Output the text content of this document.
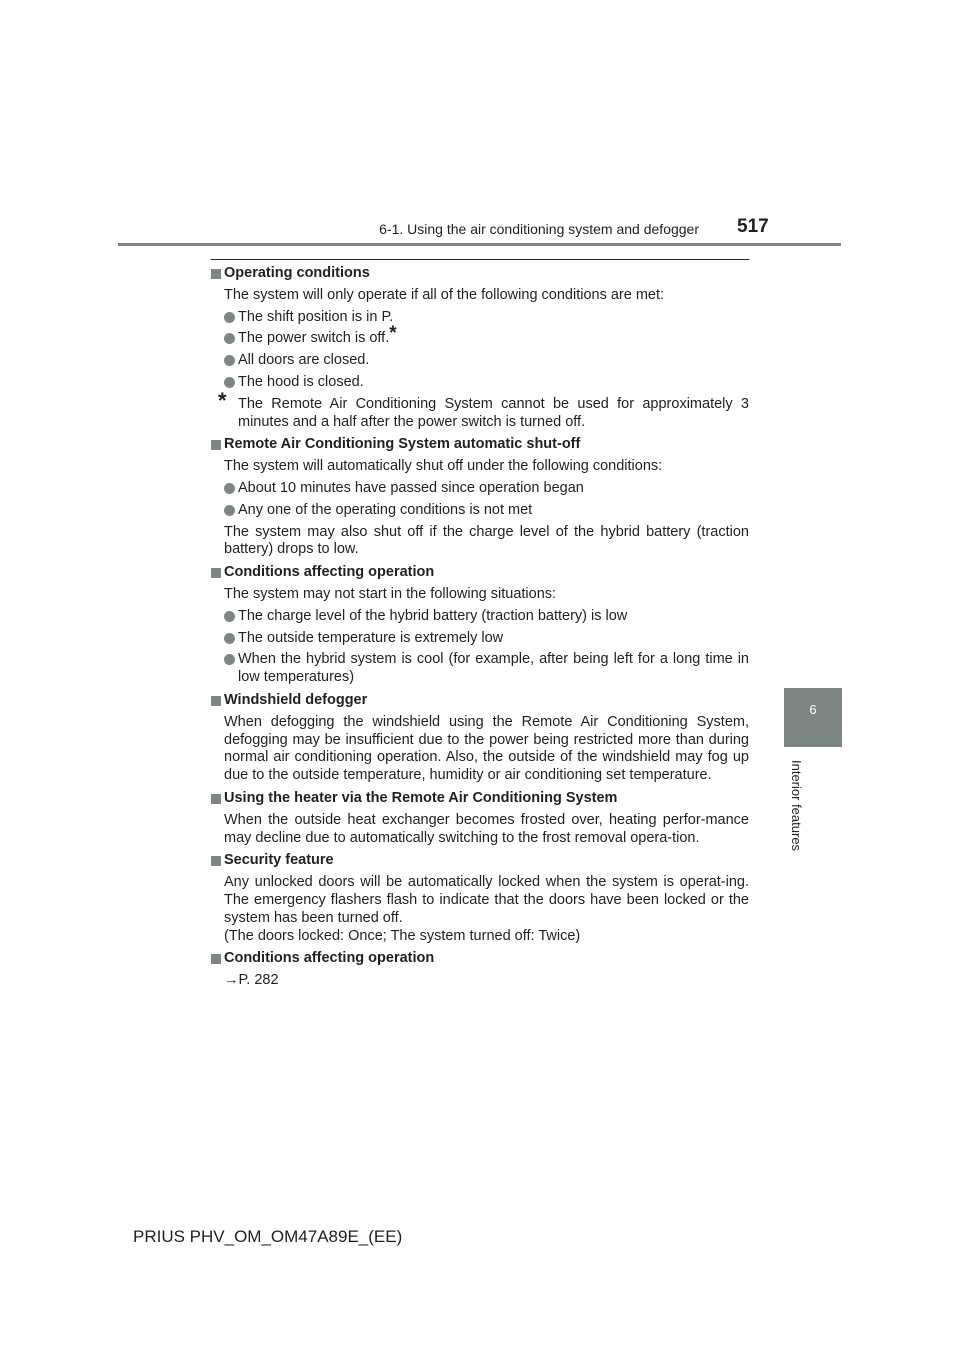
6-1. Using the air conditioning system and defogger 517
6
Interior features
Operating conditions
The system will only operate if all of the following conditions are met:
The shift position is in P.
The power switch is off.*
All doors are closed.
The hood is closed.
* The Remote Air Conditioning System cannot be used for approximately 3 minutes and a half after the power switch is turned off.
Remote Air Conditioning System automatic shut-off
The system will automatically shut off under the following conditions:
About 10 minutes have passed since operation began
Any one of the operating conditions is not met
The system may also shut off if the charge level of the hybrid battery (traction battery) drops to low.
Conditions affecting operation
The system may not start in the following situations:
The charge level of the hybrid battery (traction battery) is low
The outside temperature is extremely low
When the hybrid system is cool (for example, after being left for a long time in low temperatures)
Windshield defogger
When defogging the windshield using the Remote Air Conditioning System, defogging may be insufficient due to the power being restricted more than during normal air conditioning operation. Also, the outside of the windshield may fog up due to the outside temperature, humidity or air conditioning set temperature.
Using the heater via the Remote Air Conditioning System
When the outside heat exchanger becomes frosted over, heating perfor-mance may decline due to automatically switching to the frost removal opera-tion.
Security feature
Any unlocked doors will be automatically locked when the system is operat-ing. The emergency flashers flash to indicate that the doors have been locked or the system has been turned off.
(The doors locked: Once; The system turned off: Twice)
Conditions affecting operation
→P. 282
PRIUS PHV_OM_OM47A89E_(EE)
